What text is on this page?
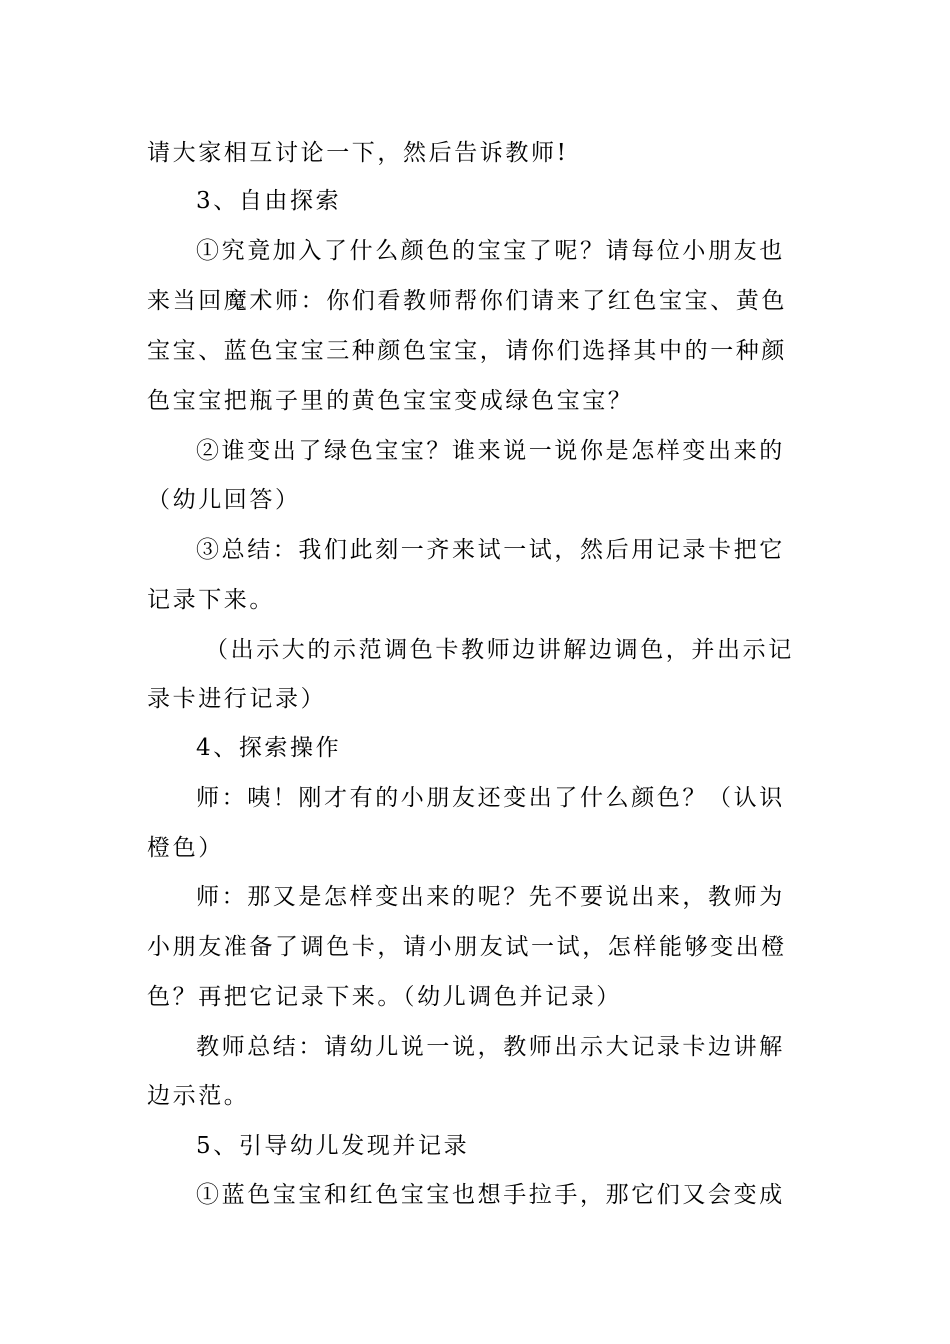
请大家相互讨论一下，然后告诉教师!
3、自由探索
①究竟加入了什么颜色的宝宝了呢？请每位小朋友也
来当回魔术师：你们看教师帮你们请来了红色宝宝、黄色
宝宝、蓝色宝宝三种颜色宝宝，请你们选择其中的一种颜
色宝宝把瓶子里的黄色宝宝变成绿色宝宝？
②谁变出了绿色宝宝？谁来说一说你是怎样变出来的
（幼儿回答）
③总结：我们此刻一齐来试一试，然后用记录卡把它
记录下来。
（出示大的示范调色卡教师边讲解边调色，并出示记
录卡进行记录）
4、探索操作
师：咦！刚才有的小朋友还变出了什么颜色？（认识
橙色）
师：那又是怎样变出来的呢？先不要说出来，教师为
小朋友准备了调色卡，请小朋友试一试，怎样能够变出橙
色？再把它记录下来。（幼儿调色并记录）
教师总结：请幼儿说一说，教师出示大记录卡边讲解
边示范。
5、引导幼儿发现并记录
①蓝色宝宝和红色宝宝也想手拉手，那它们又会变成
